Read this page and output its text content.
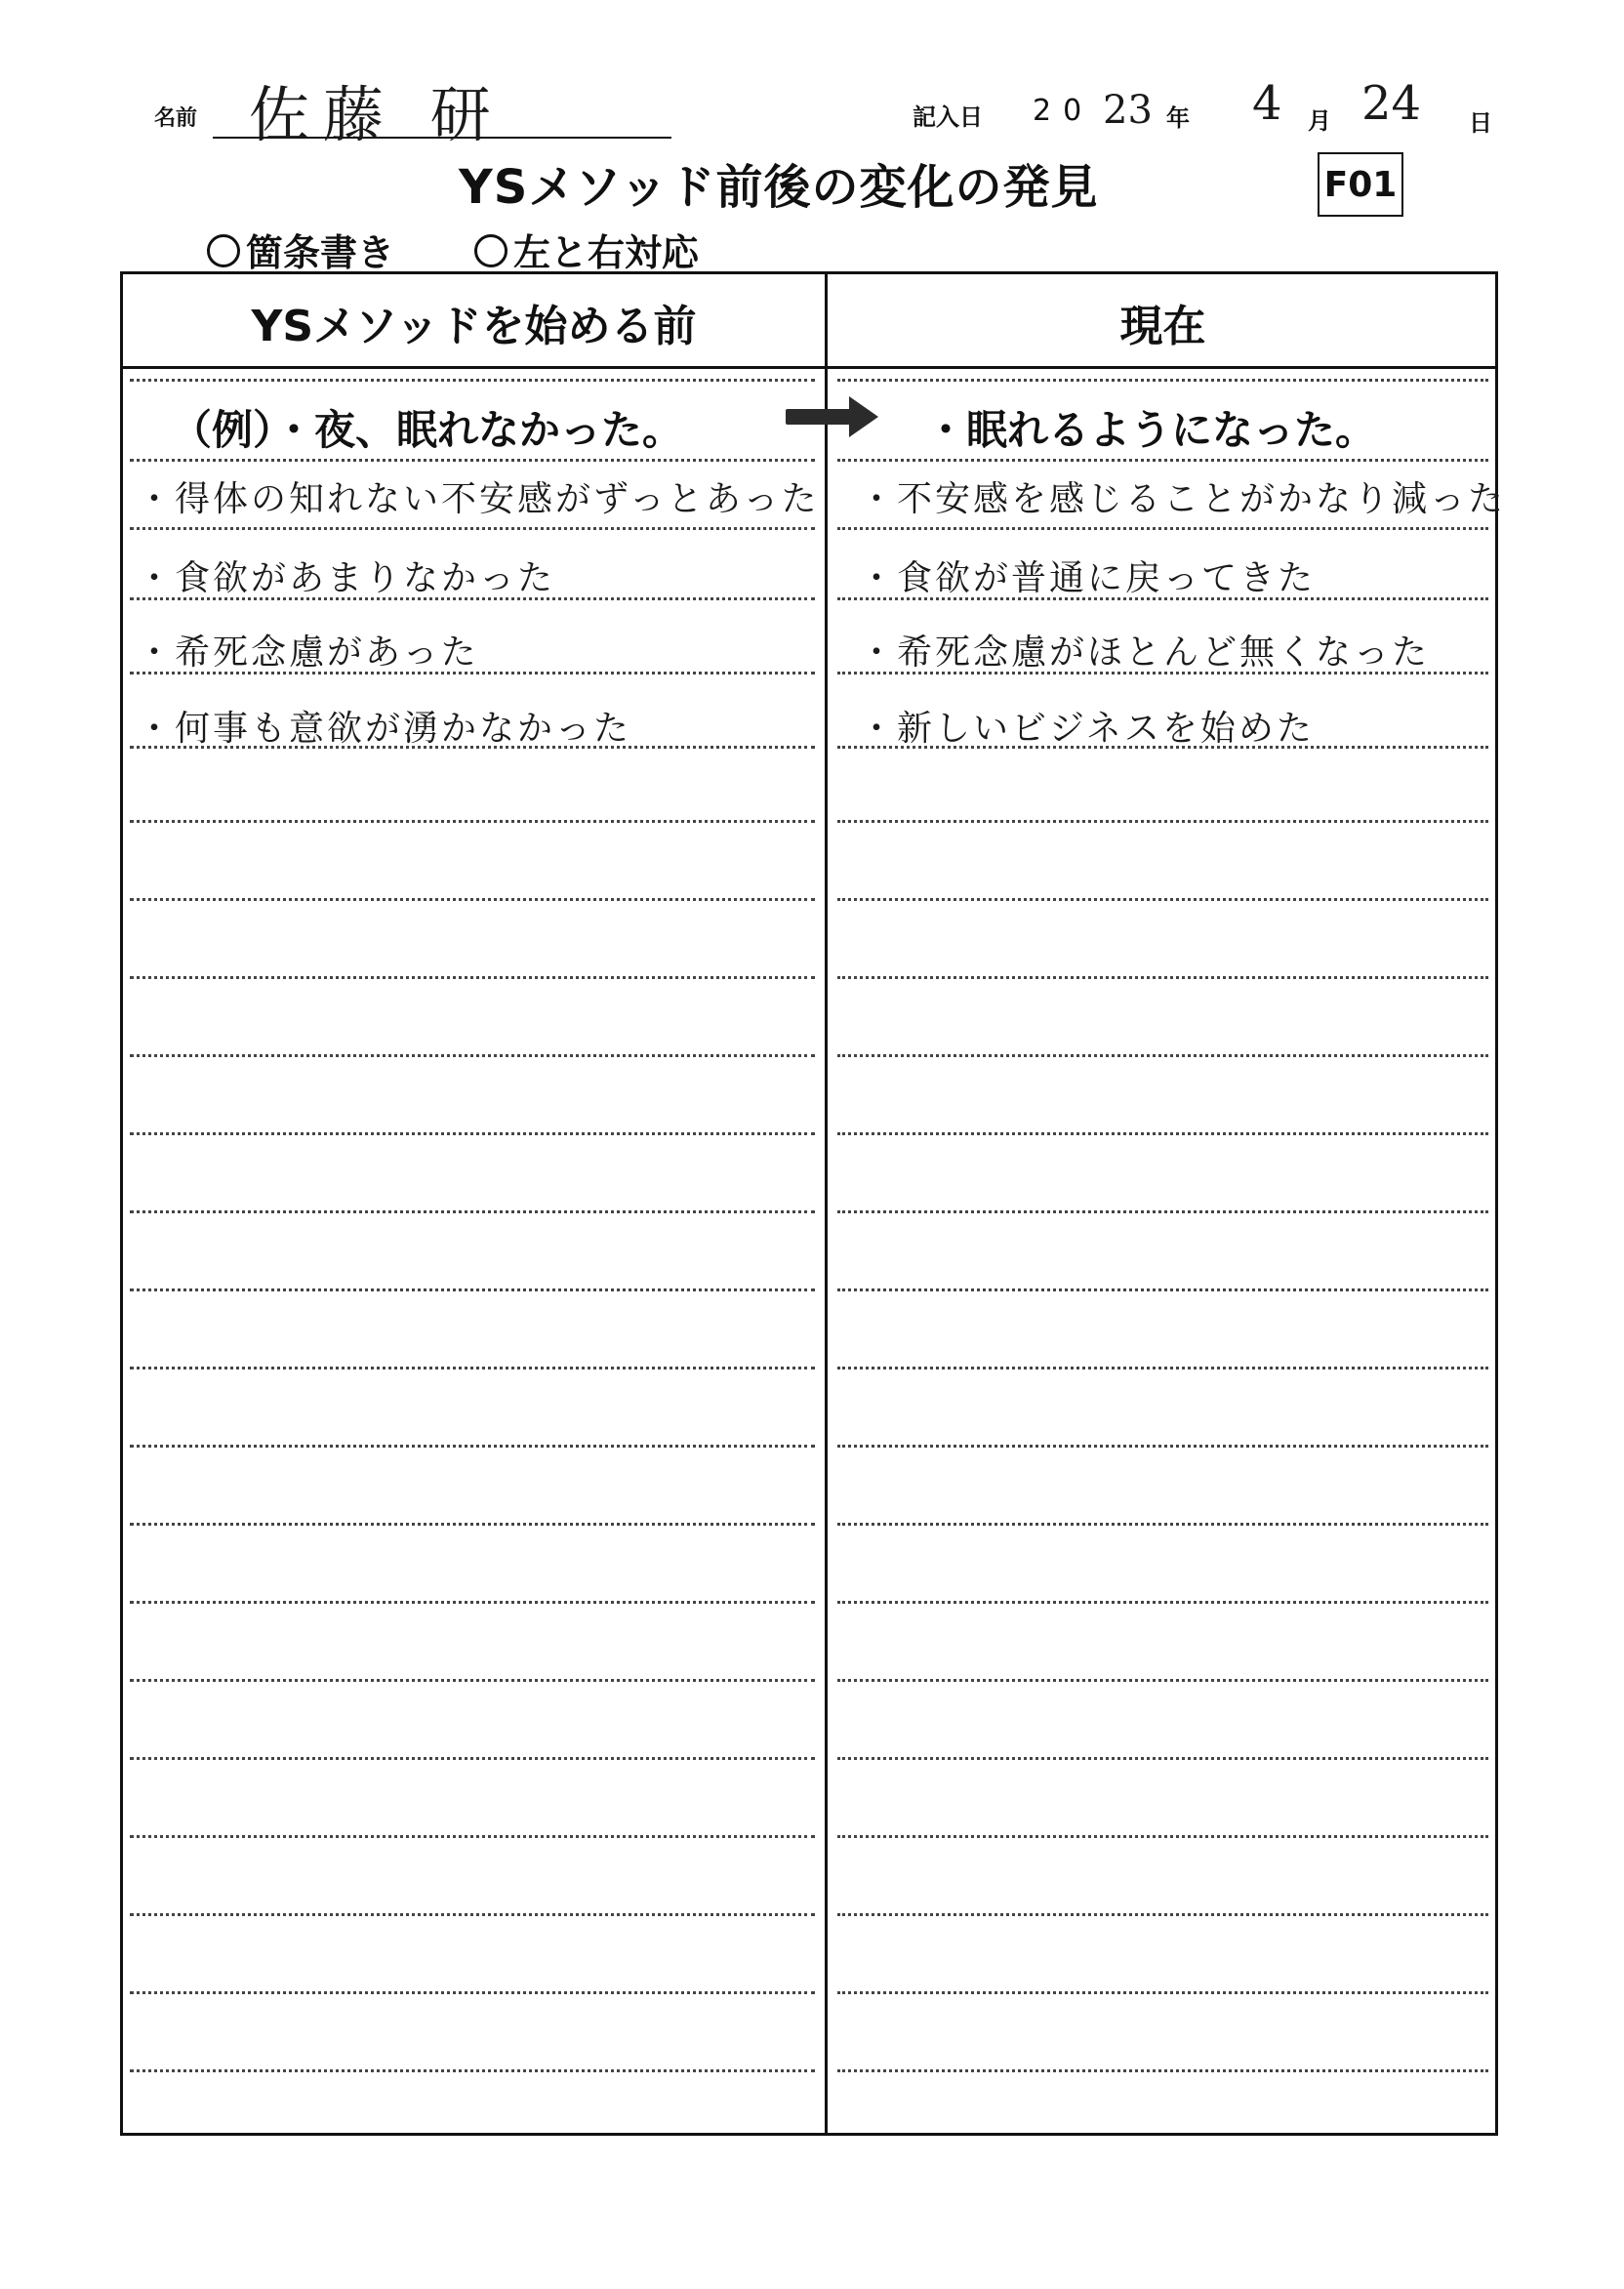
名前 佐藤 研	記入日 20 23 年 4 月 24 日
YSメソッド前後の変化の発見	F01
箇条書き	左と右対応
YSメソッドを始める前	現在
（例）・夜、眠れなかった。	・眠れるようになった。
・得体の知れない不安感がずっとあった ・不安感を感じることがかなり減った
・食欲があまりなかった	・食欲が普通に戻ってきた
・希死念慮があった	・希死念慮がほとんど無くなった
・何事も意欲が湧かなかった	・新しいビジネスを始めた
